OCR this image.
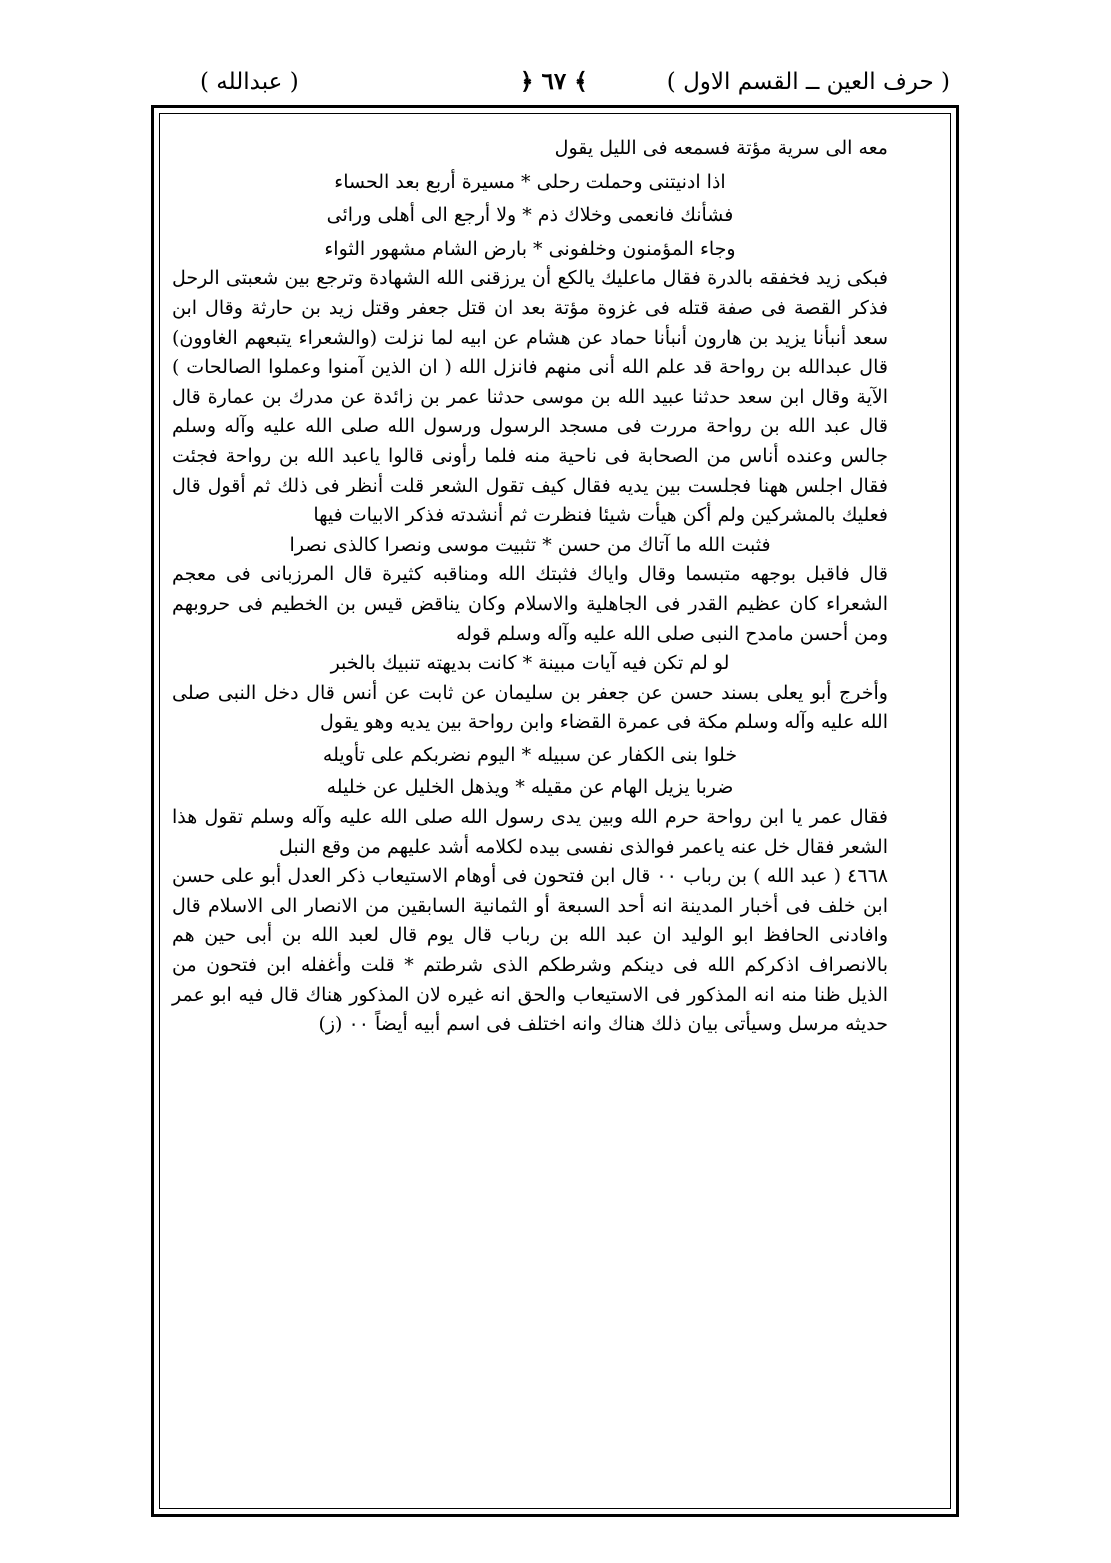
( حرف العين ــ القسم الاول )
﴿ ٦٧ ﴾
( عبدالله )

معه الى سرية مؤتة فسمعه فى الليل يقول

اذا ادنيتنى وحملت رحلى * مسيرة أربع بعد الحساء

فشأنك فانعمى وخلاك ذم * ولا أرجع الى أهلى ورائى

وجاء المؤمنون وخلفونى * بارض الشام مشهور الثواء

فبكى زيد فخفقه بالدرة فقال ماعليك يالكع أن يرزقنى الله الشهادة وترجع بين شعبتى الرحل فذكر القصة فى صفة قتله فى غزوة مؤتة بعد ان قتل جعفر وقتل زيد بن حارثة وقال ابن سعد أنبأنا يزيد بن هارون أنبأنا حماد عن هشام عن ابيه لما نزلت (والشعراء يتبعهم الغاوون) قال عبدالله بن رواحة قد علم الله أنى منهم فانزل الله ( ان الذين آمنوا وعملوا الصالحات ) الآية وقال ابن سعد حدثنا عبيد الله بن موسى حدثنا عمر بن زائدة عن مدرك بن عمارة قال قال عبد الله بن رواحة مررت فى مسجد الرسول ورسول الله صلى الله عليه وآله وسلم جالس وعنده أناس من الصحابة فى ناحية منه فلما رأونى قالوا ياعبد الله بن رواحة فجئت فقال اجلس ههنا فجلست بين يديه فقال كيف تقول الشعر قلت أنظر فى ذلك ثم أقول قال فعليك بالمشركين ولم أكن هيأت شيئا فنظرت ثم أنشدته فذكر الابيات فيها

فثبت الله ما آتاك من حسن * تثبيت موسى ونصرا كالذى نصرا

قال فاقبل بوجهه متبسما وقال واياك فثبتك الله ومناقبه كثيرة قال المرزبانى فى معجم الشعراء كان عظيم القدر فى الجاهلية والاسلام وكان يناقض قيس بن الخطيم فى حروبهم ومن أحسن مامدح النبى صلى الله عليه وآله وسلم قوله

لو لم تكن فيه آيات مبينة * كانت بديهته تنبيك بالخبر

وأخرج أبو يعلى بسند حسن عن جعفر بن سليمان عن ثابت عن أنس قال دخل النبى صلى الله عليه وآله وسلم مكة فى عمرة القضاء وابن رواحة بين يديه وهو يقول

خلوا بنى الكفار عن سبيله * اليوم نضربكم على تأويله

ضربا يزيل الهام عن مقيله * ويذهل الخليل عن خليله

فقال عمر يا ابن رواحة حرم الله وبين يدى رسول الله صلى الله عليه وآله وسلم تقول هذا الشعر فقال خل عنه ياعمر فوالذى نفسى بيده لكلامه أشد عليهم من وقع النبل

٤٦٦٨ ( عبد الله ) بن رباب ٠٠ قال ابن فتحون فى أوهام الاستيعاب ذكر العدل أبو على حسن ابن خلف فى أخبار المدينة انه أحد السبعة أو الثمانية السابقين من الانصار الى الاسلام قال وافادنى الحافظ ابو الوليد ان عبد الله بن رباب قال يوم قال لعبد الله بن أبى حين هم بالانصراف اذكركم الله فى دينكم وشرطكم الذى شرطتم * قلت وأغفله ابن فتحون من الذيل ظنا منه انه المذكور فى الاستيعاب والحق انه غيره لان المذكور هناك قال فيه ابو عمر حديثه مرسل وسيأتى بيان ذلك هناك وانه اختلف فى اسم أبيه أيضاً ٠٠ (ز)
